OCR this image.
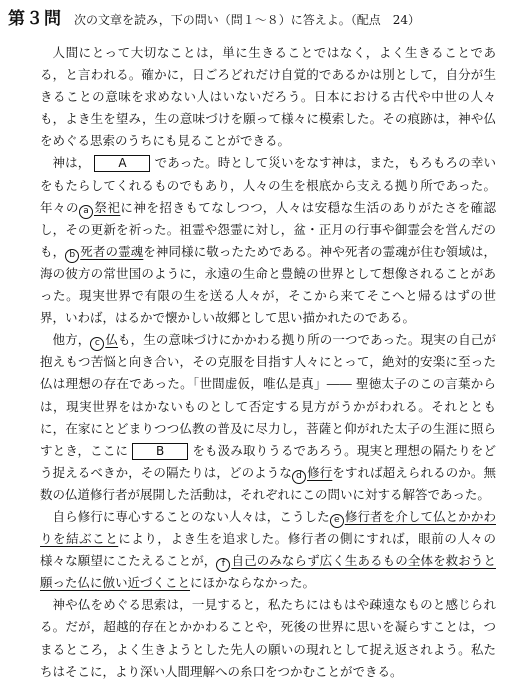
第３問 次の文章を読み，下の問い（問１～８）に答えよ。（配点　24）

人間にとって大切なことは，単に生きることではなく，よく生きることである，と言われる。確かに，日ごろどれだけ自覚的であるかは別として，自分が生きることの意味を求めない人はいないだろう。日本における古代や中世の人々も，よき生を望み，生の意味づけを願って様々に模索した。その痕跡は，神や仏をめぐる思索のうちにも見ることができる。

神は， A であった。時として災いをなす神は，また，もろもろの幸いをもたらしてくれるものでもあり，人々の生を根底から支える拠り所であった。年々の a 祭祀に神を招きもてなしつつ，人々は安穏な生活のありがたさを確認し，その更新を祈った。祖霊や怨霊に対し，盆・正月の行事や御霊会を営んだのも， b 死者の霊魂を神同様に敬ったためである。神や死者の霊魂が住む領域は，海の彼方の常世国のように，永遠の生命と豊饒の世界として想像されることがあった。現実世界で有限の生を送る人々が，そこから来てそこへと帰るはずの世界，いわば，はるかで懐かしい故郷として思い描かれたのである。

他方， c 仏も，生の意味づけにかかわる拠り所の一つであった。現実の自己が抱えもつ苦悩と向き合い，その克服を目指す人々にとって，絶対的安楽に至った仏は理想の存在であった。「世間虚仮，唯仏是真」―― 聖徳太子のこの言葉からは，現実世界をはかないものとして否定する見方がうかがわれる。それとともに，在家にとどまりつつ仏教の普及に尽力し，菩薩と仰がれた太子の生涯に照らすとき，ここに B をも汲み取りうるであろう。現実と理想の隔たりをどう捉えるべきか，その隔たりは，どのような d 修行をすれば超えられるのか。無数の仏道修行者が展開した活動は，それぞれにこの問いに対する解答であった。

自ら修行に専心することのない人々は，こうした e 修行者を介して仏とかかわりを結ぶことにより，よき生を追求した。修行者の側にすれば，眼前の人々の様々な願望にこたえることが， f 自己のみならず広く生あるもの全体を救おうと願った仏に倣い近づくことにほかならなかった。

神や仏をめぐる思索は，一見すると，私たちにはもはや疎遠なものと感じられる。だが，超越的存在とかかわることや，死後の世界に思いを凝らすことは，つまるところ，よく生きようとした先人の願いの現れとして捉え返されよう。私たちはそこに，より深い人間理解への糸口をつかむことができる。
